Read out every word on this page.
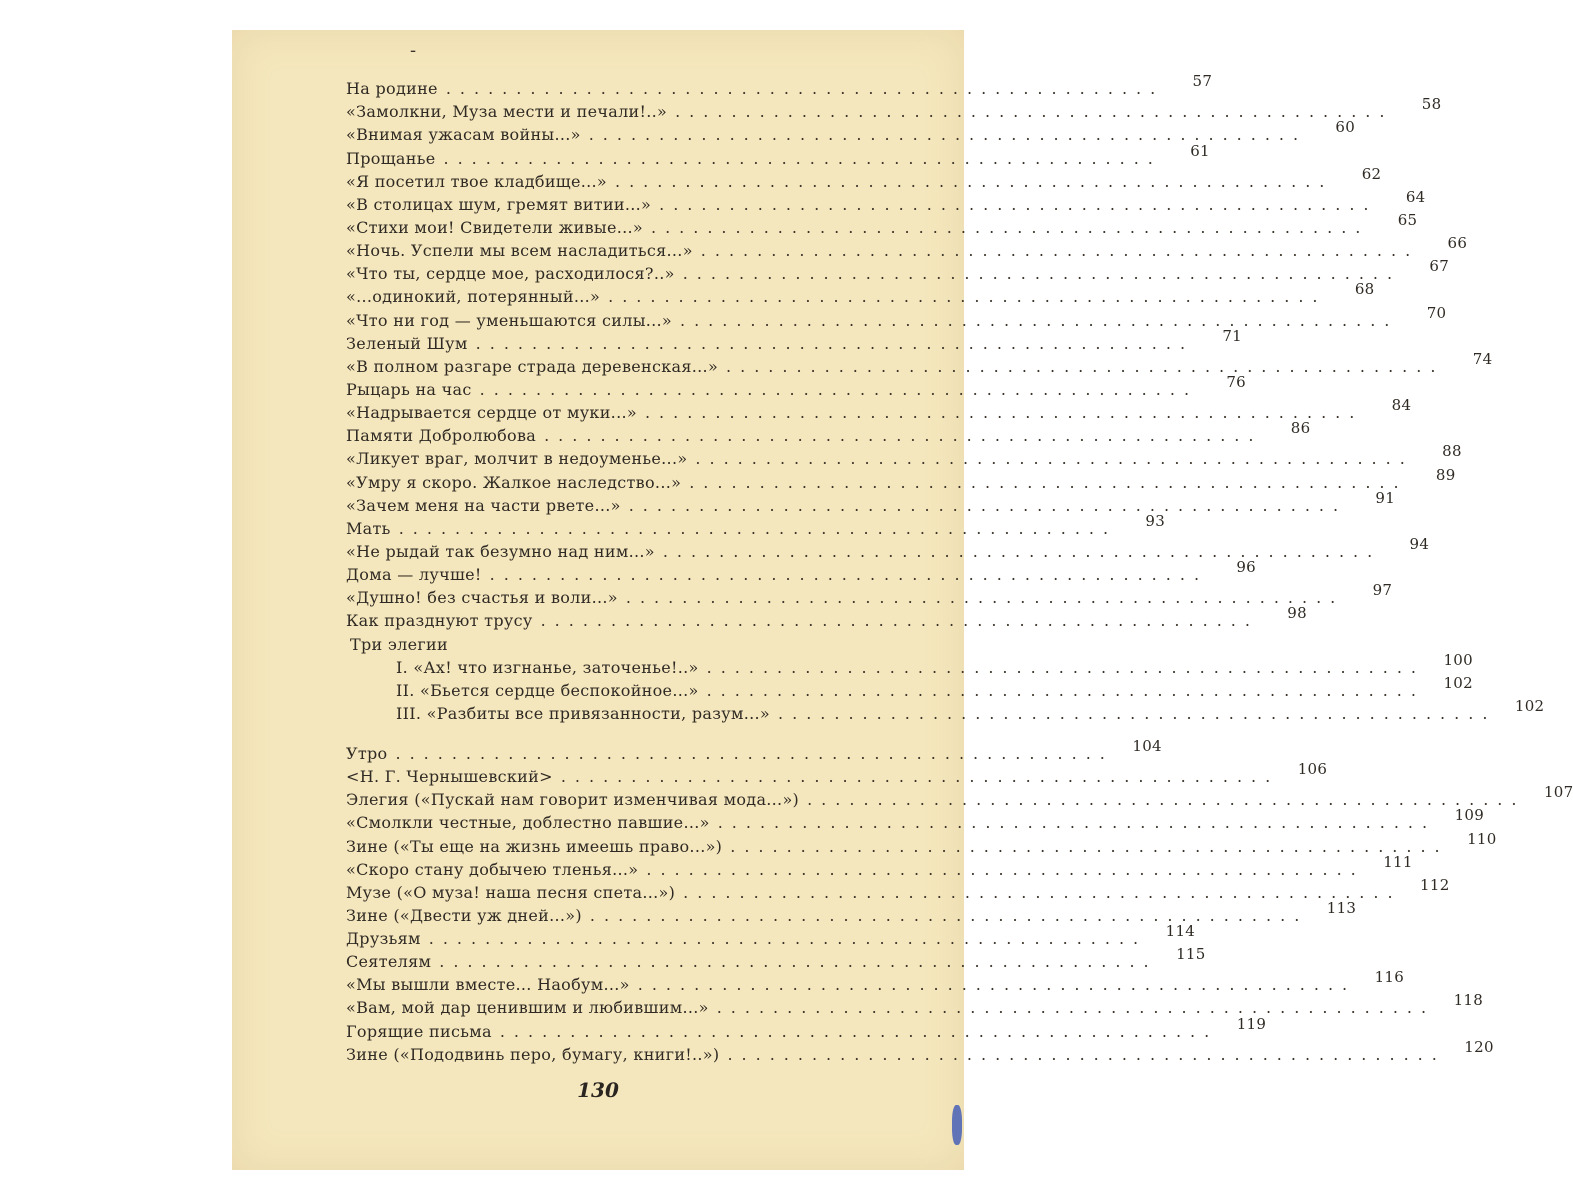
-
На родине ...................................................	57
«Замолкни, Муза мести и печали!..» ...................................................	58
«Внимая ужасам войны...» ...................................................	60
Прощанье ...................................................	61
«Я посетил твое кладбище...» ...................................................	62
«В столицах шум, гремят витии...» ...................................................	64
«Стихи мои! Свидетели живые...» ...................................................	65
«Ночь. Успели мы всем насладиться...» ...................................................	66
«Что ты, сердце мое, расходилося?..» ...................................................	67
«...одинокий, потерянный...» ...................................................	68
«Что ни год — уменьшаются силы...» ...................................................	70
Зеленый Шум ...................................................	71
«В полном разгаре страда деревенская...» ...................................................	74
Рыцарь на час ...................................................	76
«Надрывается сердце от муки...» ...................................................	84
Памяти Добролюбова ...................................................	86
«Ликует враг, молчит в недоуменье...» ...................................................	88
«Умру я скоро. Жалкое наследство...» ...................................................	89
«Зачем меня на части рвете...» ...................................................	91
Мать ...................................................	93
«Не рыдай так безумно над ним...» ...................................................	94
Дома — лучше! ...................................................	96
«Душно! без счастья и воли...» ...................................................	97
Как празднуют трусу ...................................................	98
Три элегии
I. «Ах! что изгнанье, заточенье!..» ...................................................	100
II. «Бьется сердце беспокойное...» ...................................................	102
III. «Разбиты все привязанности, разум...» ...................................................	102
Утро ...................................................	104
<Н. Г. Чернышевский> ...................................................	106
Элегия («Пускай нам говорит изменчивая мода...») ...................................................	107
«Смолкли честные, доблестно павшие...» ...................................................	109
Зине («Ты еще на жизнь имеешь право...») ...................................................	110
«Скоро стану добычею тленья...» ...................................................	111
Музе («О муза! наша песня спета...») ...................................................	112
Зине («Двести уж дней...») ...................................................	113
Друзьям ...................................................	114
Сеятелям ...................................................	115
«Мы вышли вместе... Наобум...» ...................................................	116
«Вам, мой дар ценившим и любившим...» ...................................................	118
Горящие письма ...................................................	119
Зине («Пододвинь перо, бумагу, книги!..») ...................................................	120
130
